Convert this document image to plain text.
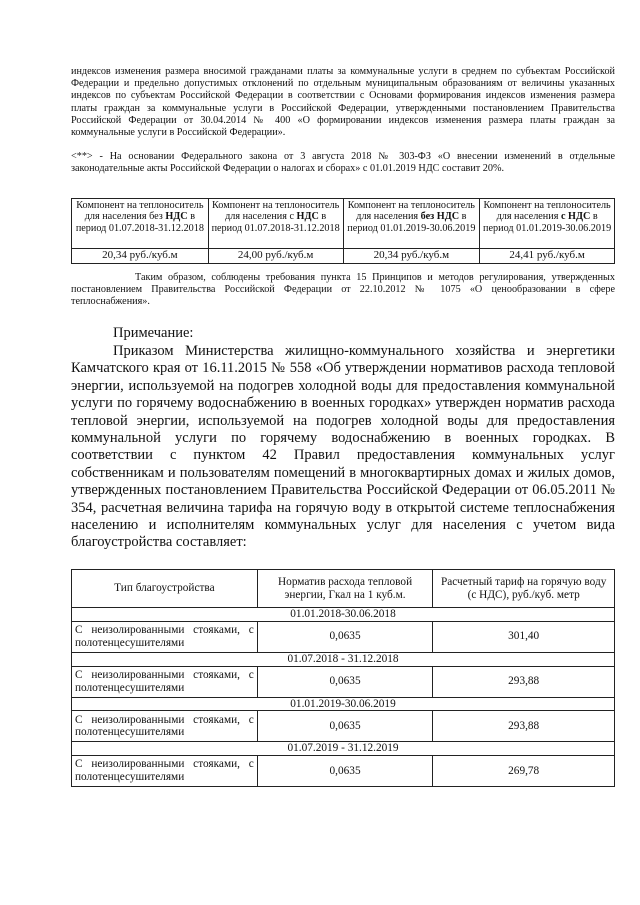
индексов изменения размера вносимой гражданами платы за коммунальные услуги в среднем по субъектам Российской Федерации и предельно допустимых отклонений по отдельным муниципальным образованиям от величины указанных индексов по субъектам Российской Федерации в соответствии с Основами формирования индексов изменения размера платы граждан за коммунальные услуги в Российской Федерации, утвержденными постановлением Правительства Российской Федерации от 30.04.2014 № 400 «О формировании индексов изменения размера платы граждан за коммунальные услуги в Российской Федерации».

<**> - На основании Федерального закона от 3 августа 2018 № 303-ФЗ «О внесении изменений в отдельные законодательные акты Российской Федерации о налогах и сборах» с 01.01.2019 НДС составит 20%.

Компонент на теплоноситель для населения без НДС в период 01.07.2018-31.12.2018	Компонент на теплоноситель для населения с НДС в период 01.07.2018-31.12.2018	Компонент на теплоноситель для населения без НДС в период 01.01.2019-30.06.2019	Компонент на теплоноситель для населения с НДС в период 01.01.2019-30.06.2019
20,34 руб./куб.м	24,00 руб./куб.м	20,34 руб./куб.м	24,41 руб./куб.м

Таким образом, соблюдены требования пункта 15 Принципов и методов регулирования, утвержденных постановлением Правительства Российской Федерации от 22.10.2012 № 1075 «О ценообразовании в сфере теплоснабжения».

Примечание:

Приказом Министерства жилищно-коммунального хозяйства и энергетики Камчатского края от 16.11.2015 № 558 «Об утверждении нормативов расхода тепловой энергии, используемой на подогрев холодной воды для предоставления коммунальной услуги по горячему водоснабжению в военных городках» утвержден норматив расхода тепловой энергии, используемой на подогрев холодной воды для предоставления коммунальной услуги по горячему водоснабжению в военных городках. В соответствии с пунктом 42 Правил предоставления коммунальных услуг собственникам и пользователям помещений в многоквартирных домах и жилых домов, утвержденных постановлением Правительства Российской Федерации от 06.05.2011 № 354, расчетная величина тарифа на горячую воду в открытой системе теплоснабжения населению и исполнителям коммунальных услуг для населения с учетом вида благоустройства составляет:

Тип благоустройства	Норматив расхода тепловой энергии, Гкал на 1 куб.м.	Расчетный тариф на горячую воду (с НДС), руб./куб. метр
01.01.2018-30.06.2018		
С неизолированными стояками, с полотенцесушителями	0,0635	301,40
01.07.2018 - 31.12.2018		
С неизолированными стояками, с полотенцесушителями	0,0635	293,88
01.01.2019-30.06.2019		
С неизолированными стояками, с полотенцесушителями	0,0635	293,88
01.07.2019 - 31.12.2019		
С неизолированными стояками, с полотенцесушителями	0,0635	269,78
